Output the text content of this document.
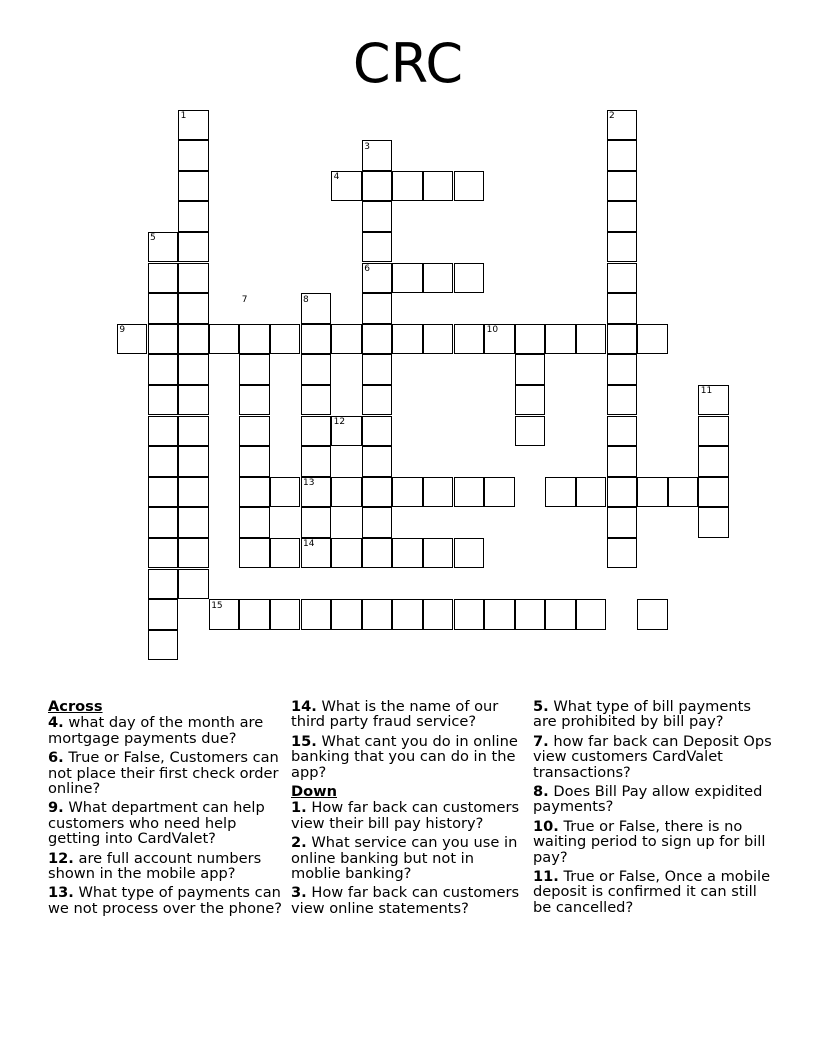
CRC
1	2
3
4
5
6
7	8
9	10
11
12
13
14
15
Across
4. what day of the month are mortgage payments due?
6. True or False, Customers can not place their first check order online?
9. What department can help customers who need help getting into CardValet?
12. are full account numbers shown in the mobile app?
13. What type of payments can we not process over the phone?
14. What is the name of our third party fraud service?
15. What cant you do in online banking that you can do in the app?
Down
1. How far back can customers view their bill pay history?
2. What service can you use in online banking but not in moblie banking?
3. How far back can customers view online statements?
5. What type of bill payments are prohibited by bill pay?
7. how far back can Deposit Ops view customers CardValet transactions?
8. Does Bill Pay allow expidited payments?
10. True or False, there is no waiting period to sign up for bill pay?
11. True or False, Once a mobile deposit is confirmed it can still be cancelled?
